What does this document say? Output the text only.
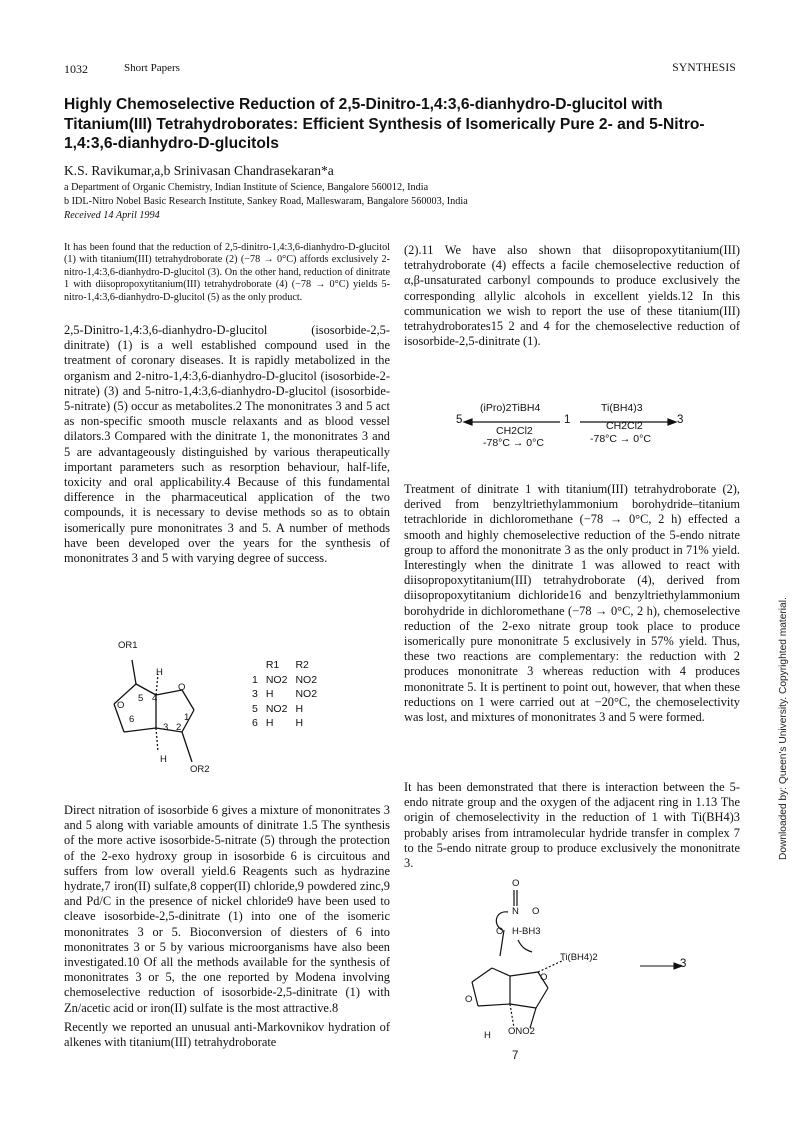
1032	Short Papers	SYNTHESIS
Highly Chemoselective Reduction of 2,5-Dinitro-1,4:3,6-dianhydro-D-glucitol with Titanium(III) Tetrahydroborates: Efficient Synthesis of Isomerically Pure 2- and 5-Nitro-1,4:3,6-dianhydro-D-glucitols
K.S. Ravikumar,a,b Srinivasan Chandrasekaran*a
a Department of Organic Chemistry, Indian Institute of Science, Bangalore 560012, India
b IDL-Nitro Nobel Basic Research Institute, Sankey Road, Malleswaram, Bangalore 560003, India
Received 14 April 1994
It has been found that the reduction of 2,5-dinitro-1,4:3,6-dianhydro-D-glucitol (1) with titanium(III) tetrahydroborate (2) (−78 → 0°C) affords exclusively 2-nitro-1,4:3,6-dianhydro-D-glucitol (3). On the other hand, reduction of dinitrate 1 with diisopropoxytitanium(III) tetrahydroborate (4) (−78 → 0°C) yields 5-nitro-1,4:3,6-dianhydro-D-glucitol (5) as the only product.
2,5-Dinitro-1,4:3,6-dianhydro-D-glucitol (isosorbide-2,5-dinitrate) (1) is a well established compound used in the treatment of coronary diseases. It is rapidly metabolized in the organism and 2-nitro-1,4:3,6-dianhydro-D-glucitol (isosorbide-2-nitrate) (3) and 5-nitro-1,4:3,6-dianhydro-D-glucitol (isosorbide-5-nitrate) (5) occur as metabolites.2 The mononitrates 3 and 5 act as non-specific smooth muscle relaxants and as blood vessel dilators.3 Compared with the dinitrate 1, the mononitrates 3 and 5 are advantageously distinguished by various therapeutically important parameters such as resorption behaviour, half-life, toxicity and oral applicability.4 Because of this fundamental difference in the pharmaceutical application of the two compounds, it is necessary to devise methods so as to obtain isomerically pure mononitrates 3 and 5. A number of methods have been developed over the years for the synthesis of mononitrates 3 and 5 with varying degree of success.
OR1
H
O
O
5 4
6	1
3 2
H
OR2
	R1	R2
1	NO2	NO2
3	H	NO2
5	NO2	H
6	H	H

Direct nitration of isosorbide 6 gives a mixture of mononitrates 3 and 5 along with variable amounts of dinitrate 1.5 The synthesis of the more active isosorbide-5-nitrate (5) through the protection of the 2-exo hydroxy group in isosorbide 6 is circuitous and suffers from low overall yield.6 Reagents such as hydrazine hydrate,7 iron(II) sulfate,8 copper(II) chloride,9 powdered zinc,9 and Pd/C in the presence of nickel chloride9 have been used to cleave isosorbide-2,5-dinitrate (1) into one of the isomeric mononitrates 3 or 5. Bioconversion of diesters of 6 into mononitrates 3 or 5 by various microorganisms have also been investigated.10 Of all the methods available for the synthesis of mononitrates 3 or 5, the one reported by Modena involving chemoselective reduction of isosorbide-2,5-dinitrate (1) with Zn/acetic acid or iron(II) sulfate is the most attractive.8

Recently we reported an unusual anti-Markovnikov hydration of alkenes with titanium(III) tetrahydroborate

(2).11 We have also shown that diisopropoxytitanium(III) tetrahydroborate (4) effects a facile chemoselective reduction of α,β-unsaturated carbonyl compounds to produce exclusively the corresponding allylic alcohols in excellent yields.12 In this communication we wish to report the use of these titanium(III) tetrahydroborates15 2 and 4 for the chemoselective reduction of isosorbide-2,5-dinitrate (1).
5	1	3
(iPro)2TiBH4
CH2Cl2
-78°C → 0°C
Ti(BH4)3
CH2Cl2
-78°C → 0°C
Treatment of dinitrate 1 with titanium(III) tetrahydroborate (2), derived from benzyltriethylammonium borohydride–titanium tetrachloride in dichloromethane (−78 → 0°C, 2 h) effected a smooth and highly chemoselective reduction of the 5-endo nitrate group to afford the mononitrate 3 as the only product in 71% yield. Interestingly when the dinitrate 1 was allowed to react with diisopropoxytitanium(III) tetrahydroborate (4), derived from diisopropoxytitanium dichloride16 and benzyltriethylammonium borohydride in dichloromethane (−78 → 0°C, 2 h), chemoselective reduction of the 2-exo nitrate group took place to produce isomerically pure mononitrate 5 exclusively in 57% yield. Thus, these two reactions are complementary: the reduction with 2 produces mononitrate 3 whereas reduction with 4 produces mononitrate 5. It is pertinent to point out, however, that when these reductions on 1 were carried out at −20°C, the chemoselectivity was lost, and mixtures of mononitrates 3 and 5 were formed.
It has been demonstrated that there is interaction between the 5-endo nitrate group and the oxygen of the adjacent ring in 1.13 The origin of chemoselectivity in the reduction of 1 with Ti(BH4)3 probably arises from intramolecular hydride transfer in complex 7 to the 5-endo nitrate group to produce exclusively the mononitrate 3.
O
N O
O H-BH3
Ti(BH4)2
O
O
H ONO2
3
7
Downloaded by: Queen's University. Copyrighted material.
